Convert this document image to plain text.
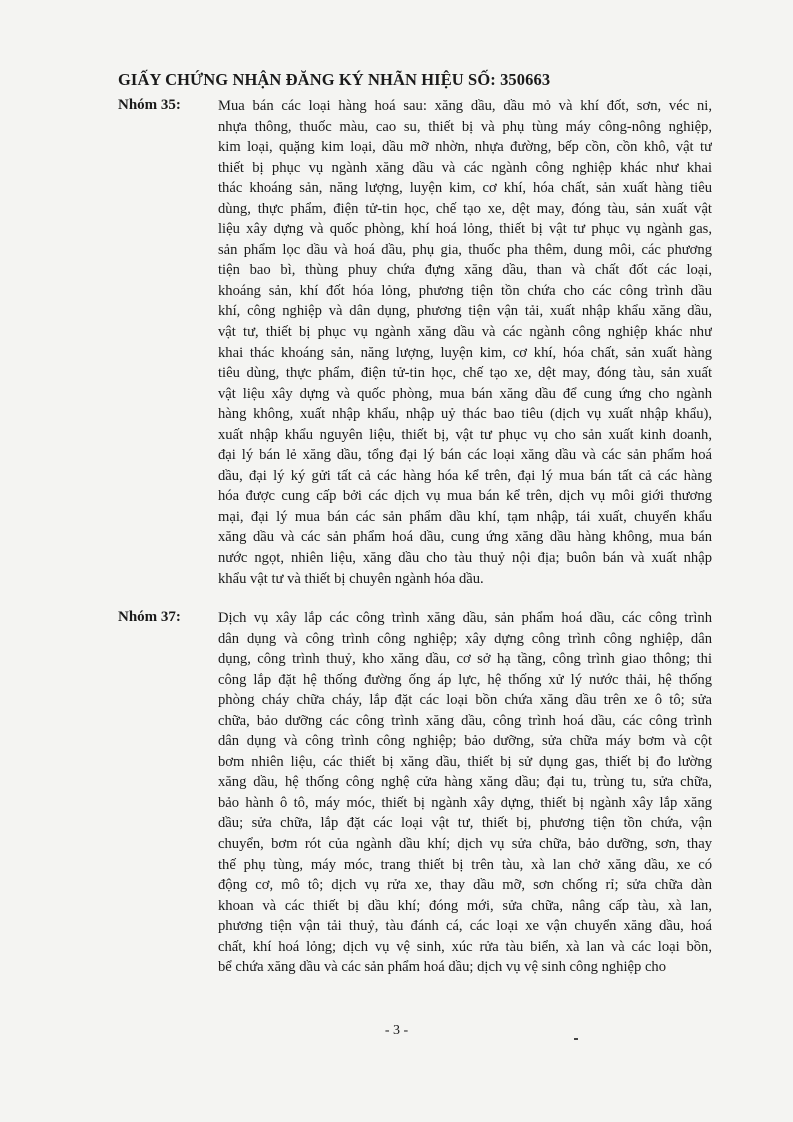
GIẤY CHỨNG NHẬN ĐĂNG KÝ NHÃN HIỆU SỐ: 350663
Nhóm 35:	Mua bán các loại hàng hoá sau: xăng dầu, dầu mỏ và khí đốt, sơn, véc ni,
nhựa thông, thuốc màu, cao su, thiết bị và phụ tùng máy công-nông nghiệp,
kim loại, quặng kim loại, dầu mỡ nhờn, nhựa đường, bếp cồn, cồn khô, vật tư
thiết bị phục vụ ngành xăng dầu và các ngành công nghiệp khác như khai
thác khoáng sản, năng lượng, luyện kim, cơ khí, hóa chất, sản xuất hàng tiêu
dùng, thực phẩm, điện tử-tin học, chế tạo xe, dệt may, đóng tàu, sản xuất vật
liệu xây dựng và quốc phòng, khí hoá lỏng, thiết bị vật tư phục vụ ngành gas,
sản phẩm lọc dầu và hoá dầu, phụ gia, thuốc pha thêm, dung môi, các phương
tiện bao bì, thùng phuy chứa đựng xăng dầu, than và chất đốt các loại,
khoáng sản, khí đốt hóa lỏng, phương tiện tồn chứa cho các công trình dầu
khí, công nghiệp và dân dụng, phương tiện vận tải, xuất nhập khẩu xăng dầu,
vật tư, thiết bị phục vụ ngành xăng dầu và các ngành công nghiệp khác như
khai thác khoáng sản, năng lượng, luyện kim, cơ khí, hóa chất, sản xuất hàng
tiêu dùng, thực phẩm, điện tử-tin học, chế tạo xe, dệt may, đóng tàu, sản xuất
vật liệu xây dựng và quốc phòng, mua bán xăng dầu để cung ứng cho ngành
hàng không, xuất nhập khẩu, nhập uỷ thác bao tiêu (dịch vụ xuất nhập khẩu),
xuất nhập khẩu nguyên liệu, thiết bị, vật tư phục vụ cho sản xuất kinh doanh,
đại lý bán lẻ xăng dầu, tổng đại lý bán các loại xăng dầu và các sản phẩm hoá
dầu, đại lý ký gửi tất cả các hàng hóa kể trên, đại lý mua bán tất cả các hàng
hóa được cung cấp bởi các dịch vụ mua bán kể trên, dịch vụ môi giới thương
mại, đại lý mua bán các sản phẩm dầu khí, tạm nhập, tái xuất, chuyển khẩu
xăng dầu và các sản phẩm hoá dầu, cung ứng xăng dầu hàng không, mua bán
nước ngọt, nhiên liệu, xăng dầu cho tàu thuỷ nội địa; buôn bán và xuất nhập
khẩu vật tư và thiết bị chuyên ngành hóa dầu.
Nhóm 37:	Dịch vụ xây lắp các công trình xăng dầu, sản phẩm hoá dầu, các công trình
dân dụng và công trình công nghiệp; xây dựng công trình công nghiệp, dân
dụng, công trình thuỷ, kho xăng dầu, cơ sở hạ tầng, công trình giao thông; thi
công lắp đặt hệ thống đường ống áp lực, hệ thống xử lý nước thải, hệ thống
phòng cháy chữa cháy, lắp đặt các loại bồn chứa xăng dầu trên xe ô tô; sửa
chữa, bảo dưỡng các công trình xăng dầu, công trình hoá dầu, các công trình
dân dụng và công trình công nghiệp; bảo dưỡng, sửa chữa máy bơm và cột
bơm nhiên liệu, các thiết bị xăng dầu, thiết bị sử dụng gas, thiết bị đo lường
xăng dầu, hệ thống công nghệ cửa hàng xăng dầu; đại tu, trùng tu, sửa chữa,
bảo hành ô tô, máy móc, thiết bị ngành xây dựng, thiết bị ngành xây lắp xăng
dầu; sửa chữa, lắp đặt các loại vật tư, thiết bị, phương tiện tồn chứa, vận
chuyển, bơm rót của ngành dầu khí; dịch vụ sửa chữa, bảo dưỡng, sơn, thay
thế phụ tùng, máy móc, trang thiết bị trên tàu, xà lan chở xăng dầu, xe có
động cơ, mô tô; dịch vụ rửa xe, thay dầu mỡ, sơn chống rỉ; sửa chữa dàn
khoan và các thiết bị dầu khí; đóng mới, sửa chữa, nâng cấp tàu, xà lan,
phương tiện vận tải thuỷ, tàu đánh cá, các loại xe vận chuyển xăng dầu, hoá
chất, khí hoá lỏng; dịch vụ vệ sinh, xúc rửa tàu biển, xà lan và các loại bồn,
bể chứa xăng dầu và các sản phẩm hoá dầu; dịch vụ vệ sinh công nghiệp cho
- 3 -
